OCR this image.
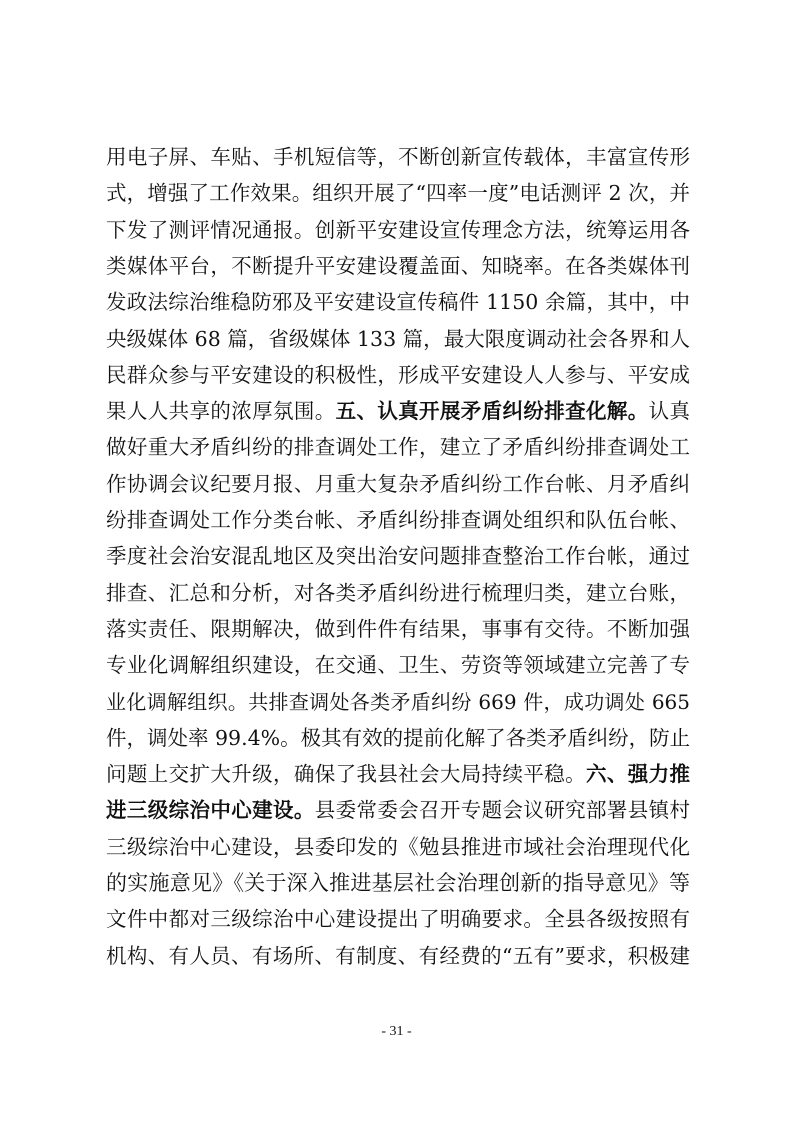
用电子屏、车贴、手机短信等，不断创新宣传载体，丰富宣传形
式，增强了工作效果。组织开展了“四率一度”电话测评 2 次，并
下发了测评情况通报。创新平安建设宣传理念方法，统筹运用各
类媒体平台，不断提升平安建设覆盖面、知晓率。在各类媒体刊
发政法综治维稳防邪及平安建设宣传稿件 1150 余篇，其中，中
央级媒体 68 篇，省级媒体 133 篇，最大限度调动社会各界和人
民群众参与平安建设的积极性，形成平安建设人人参与、平安成
果人人共享的浓厚氛围。五、认真开展矛盾纠纷排查化解。认真
做好重大矛盾纠纷的排查调处工作，建立了矛盾纠纷排查调处工
作协调会议纪要月报、月重大复杂矛盾纠纷工作台帐、月矛盾纠
纷排查调处工作分类台帐、矛盾纠纷排查调处组织和队伍台帐、
季度社会治安混乱地区及突出治安问题排查整治工作台帐，通过
排查、汇总和分析，对各类矛盾纠纷进行梳理归类，建立台账，
落实责任、限期解决，做到件件有结果，事事有交待。不断加强
专业化调解组织建设，在交通、卫生、劳资等领域建立完善了专
业化调解组织。共排查调处各类矛盾纠纷 669 件，成功调处 665
件，调处率 99.4%。极其有效的提前化解了各类矛盾纠纷，防止
问题上交扩大升级，确保了我县社会大局持续平稳。六、强力推
进三级综治中心建设。县委常委会召开专题会议研究部署县镇村
三级综治中心建设，县委印发的《勉县推进市域社会治理现代化
的实施意见》《关于深入推进基层社会治理创新的指导意见》等
文件中都对三级综治中心建设提出了明确要求。全县各级按照有
机构、有人员、有场所、有制度、有经费的“五有”要求，积极建
- 31 -
